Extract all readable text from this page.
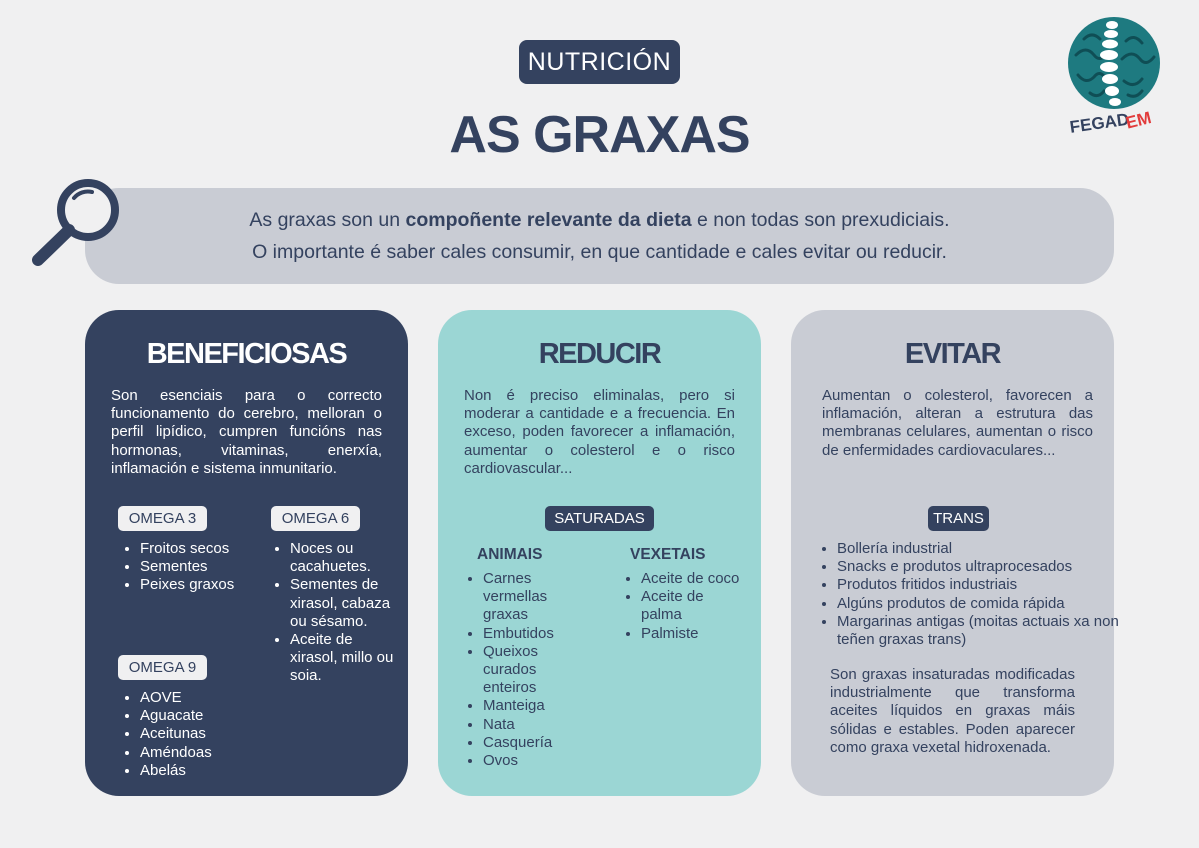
NUTRICIÓN
AS GRAXAS	FEGAD
EM

As graxas son un compoñente relevante da dieta e non todas son prexudiciais.

O importante é saber cales consumir, en que cantidade e cales evitar ou reducir.

BENEFICIOSAS

Son esenciais para o correcto funcionamento do cerebro, melloran o perfil lipídico, cumpren funcións nas hormonas, vitaminas, enerxía, inflamación e sistema inmunitario.

OMEGA 3
• Froitos secos
• Sementes
• Peixes graxos
OMEGA 6
• Noces ou cacahuetes.
• Sementes de xirasol, cabaza ou sésamo.
• Aceite de xirasol, millo ou soia.
OMEGA 9
• AOVE
• Aguacate
• Aceitunas
• Améndoas
• Abelás
REDUCIR

Non é preciso eliminalas, pero si moderar a cantidade e a frecuencia. En exceso, poden favorecer a inflamación, aumentar o colesterol e o risco cardiovascular...

SATURADAS
ANIMAIS
• Carnes vermellas graxas
• Embutidos
• Queixos curados enteiros
• Manteiga
• Nata
• Casquería
• Ovos
VEXETAIS
• Aceite de coco
• Aceite de palma
• Palmiste
EVITAR

Aumentan o colesterol, favorecen a inflamación, alteran a estrutura das membranas celulares, aumentan o risco de enfermidades cardiovaculares...

TRANS
• Bollería industrial
• Snacks e produtos ultraprocesados
• Produtos fritidos industriais
• Algúns produtos de comida rápida
• Margarinas antigas (moitas actuais xa non teñen graxas trans)

Son graxas insaturadas modificadas industrialmente que transforma aceites líquidos en graxas máis sólidas e estables. Poden aparecer como graxa vexetal hidroxenada.
